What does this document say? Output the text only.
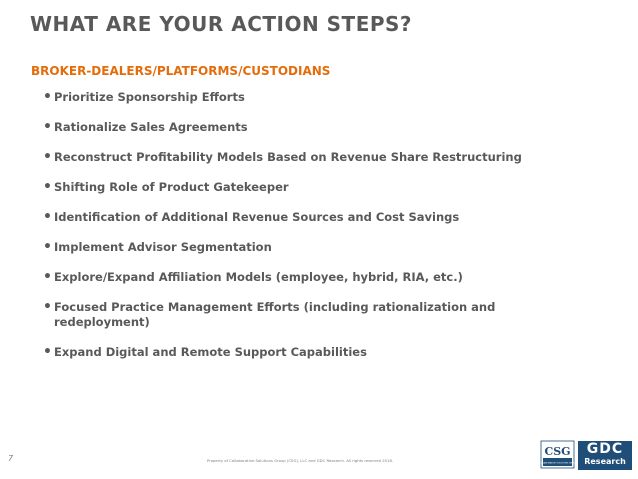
WHAT ARE YOUR ACTION STEPS?
BROKER-DEALERS/PLATFORMS/CUSTODIANS
• Prioritize Sponsorship Efforts
• Rationalize Sales Agreements
• Reconstruct Profitability Models Based on Revenue Share Restructuring
• Shifting Role of Product Gatekeeper
• Identification of Additional Revenue Sources and Cost Savings
• Implement Advisor Segmentation
• Explore/Expand Affiliation Models (employee, hybrid, RIA, etc.)
• Focused Practice Management Efforts (including rationalization and redeployment)
• Expand Digital and Remote Support Capabilities
7	Property of Collaborative Solutions Group (CSG), LLC and GDC Research. All rights reserved 2018.
CSG
COLLABORATIVE SOLUTIONS GROUP
GDC
Research
